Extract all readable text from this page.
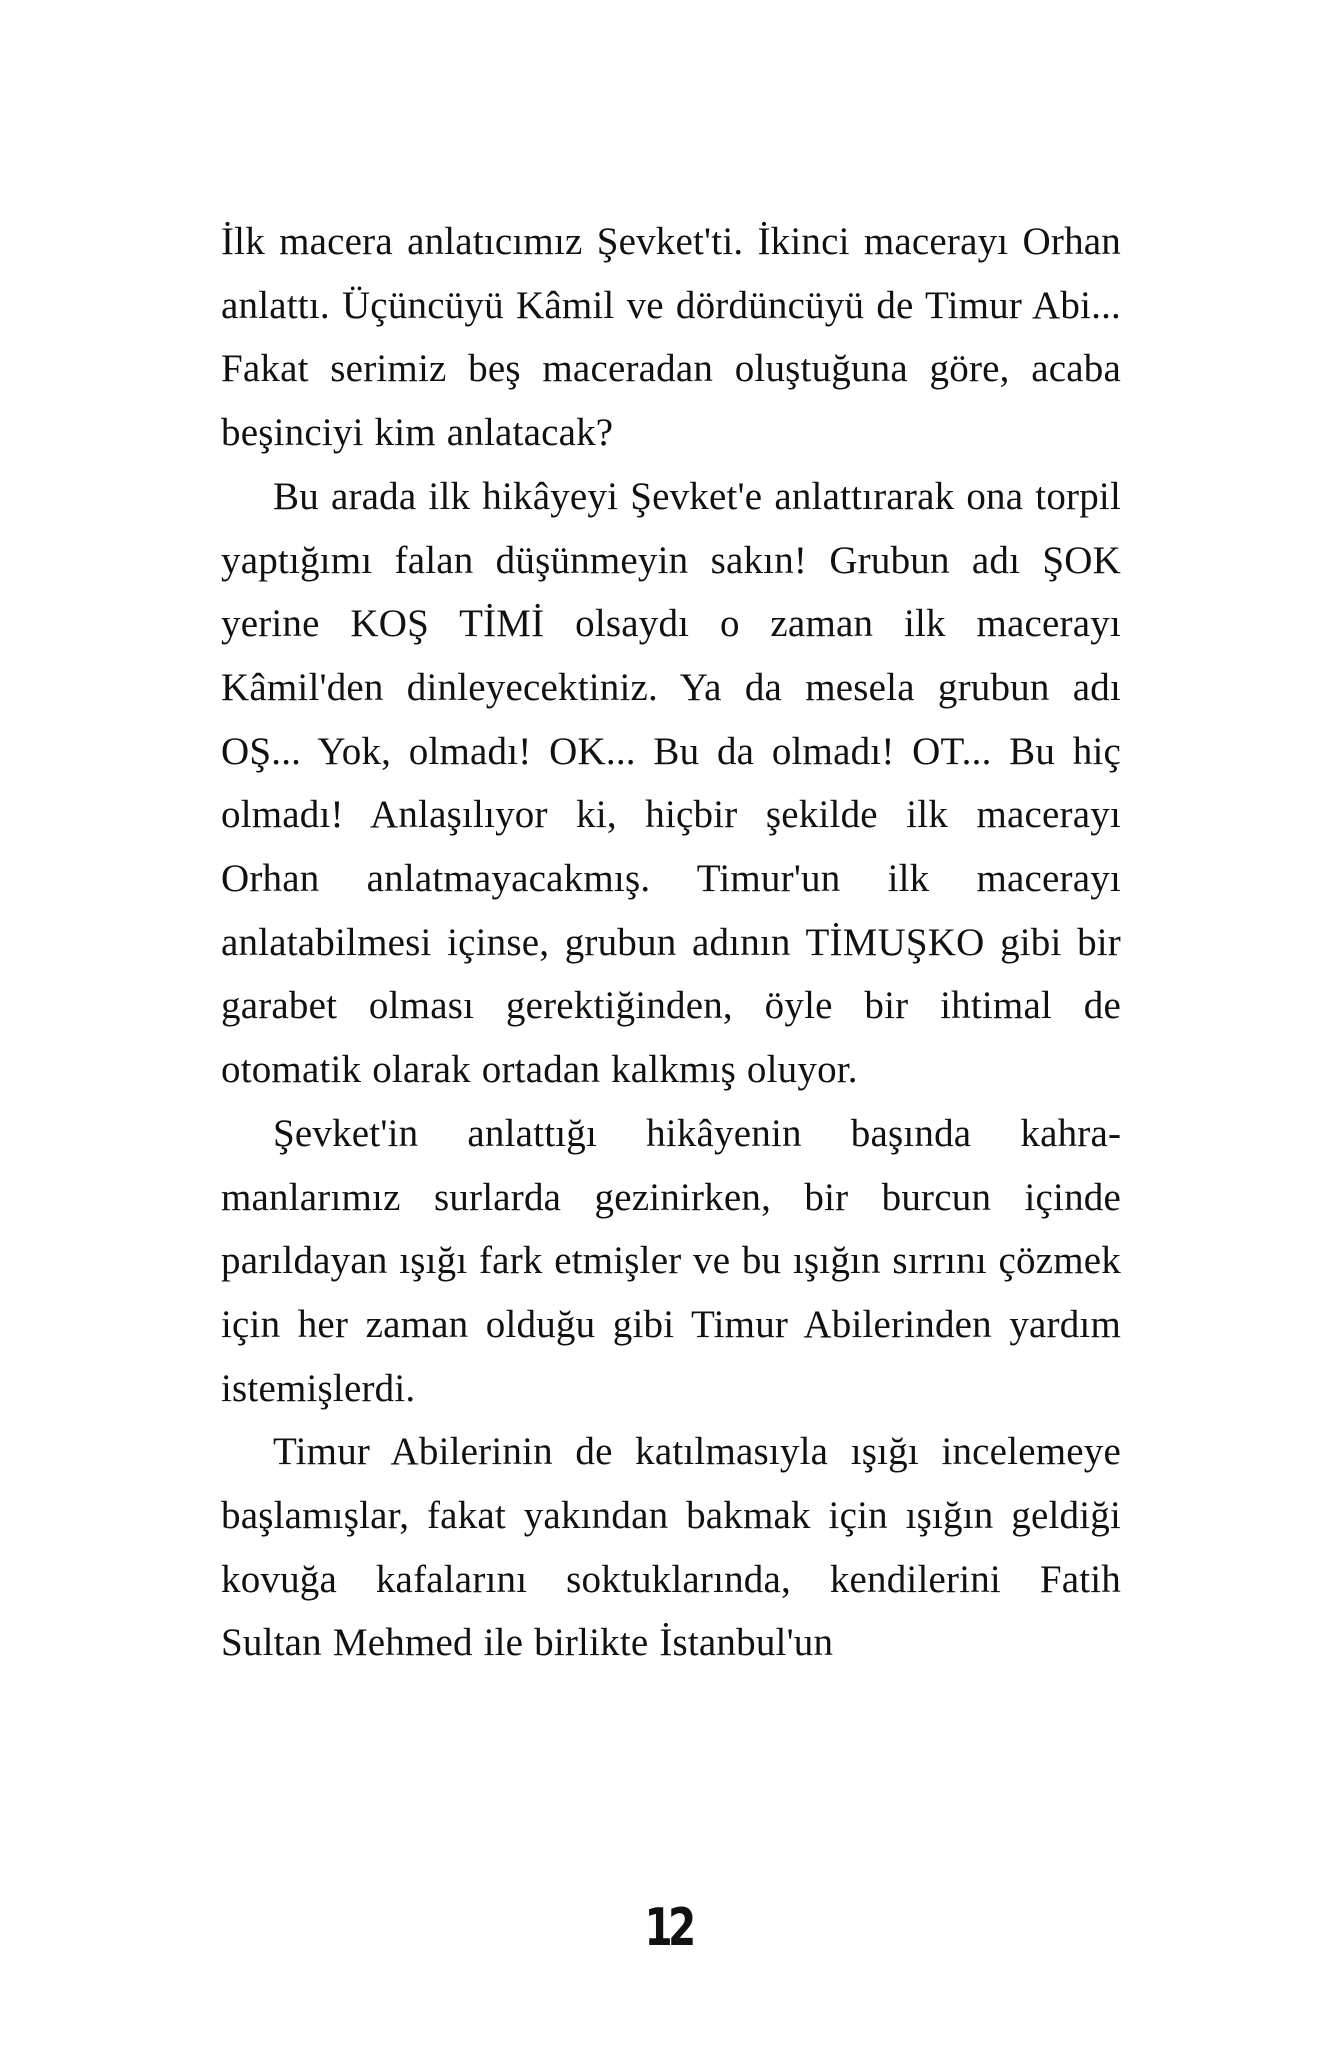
İlk macera anlatıcımız Şevket'ti. İkinci macerayı Orhan anlattı. Üçüncüyü Kâmil ve dördüncüyü de Timur Abi... Fakat serimiz beş maceradan oluştuğuna göre, acaba beşinciyi kim anlatacak?

Bu arada ilk hikâyeyi Şevket'e anlattırarak ona torpil yaptığımı falan düşünmeyin sakın! Grubun adı ŞOK yerine KOŞ TİMİ olsaydı o zaman ilk macerayı Kâmil'den dinleyecektiniz. Ya da mesela grubun adı OŞ... Yok, olmadı! OK... Bu da olmadı! OT... Bu hiç olmadı! Anlaşılıyor ki, hiçbir şekilde ilk macerayı Orhan anlatmayacakmış. Timur'un ilk macerayı anlatabilmesi içinse, grubun adının TİMUŞKO gibi bir garabet olması gerektiğinden, öyle bir ihtimal de otomatik olarak ortadan kalkmış oluyor.

Şevket'in anlattığı hikâyenin başında kahramanlarımız surlarda gezinirken, bir burcun içinde parıldayan ışığı fark etmişler ve bu ışığın sırrını çözmek için her zaman olduğu gibi Timur Abilerinden yardım istemişlerdi.

Timur Abilerinin de katılmasıyla ışığı incelemeye başlamışlar, fakat yakından bakmak için ışığın geldiği kovuğa kafalarını soktuklarında, kendilerini Fatih Sultan Mehmed ile birlikte İstanbul'un

12
